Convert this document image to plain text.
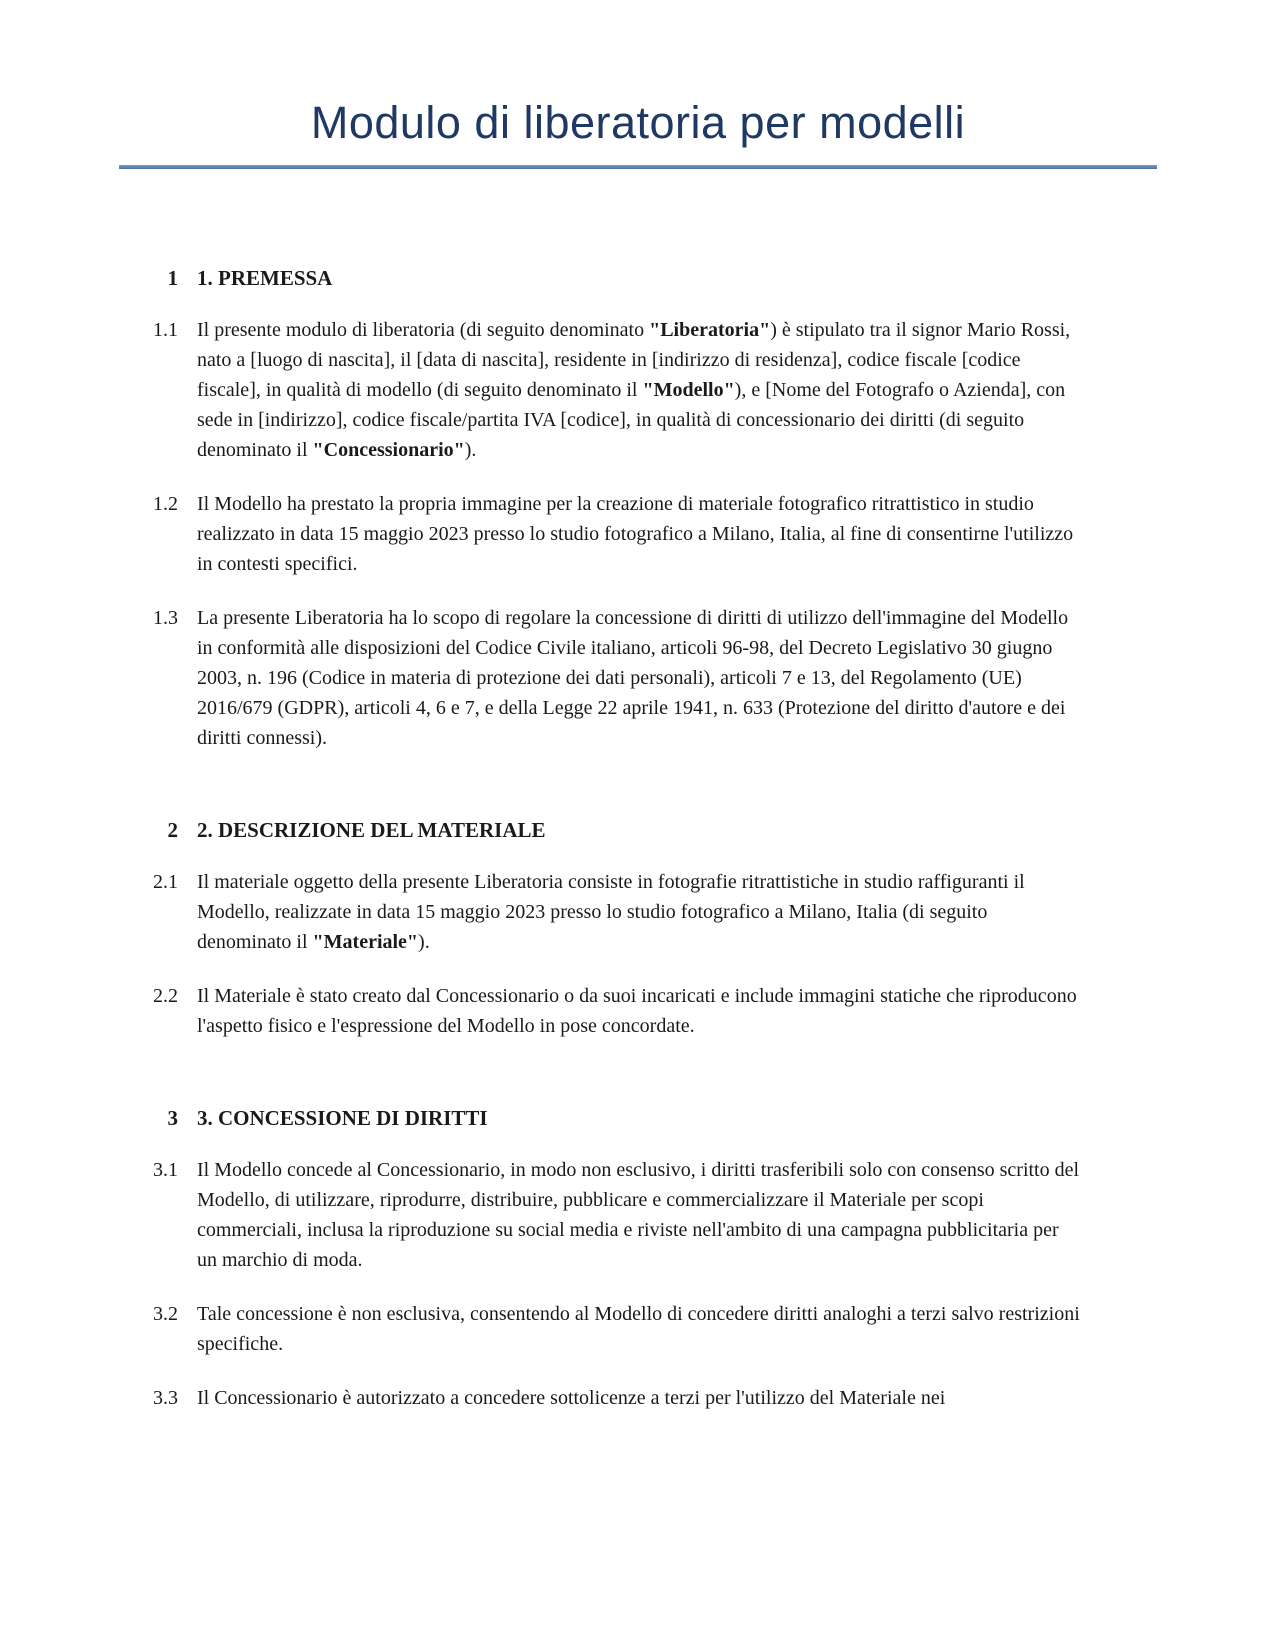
Modulo di liberatoria per modelli
1 1. PREMESSA
1.1 Il presente modulo di liberatoria (di seguito denominato "Liberatoria") è stipulato tra il signor Mario Rossi, nato a [luogo di nascita], il [data di nascita], residente in [indirizzo di residenza], codice fiscale [codice fiscale], in qualità di modello (di seguito denominato il "Modello"), e [Nome del Fotografo o Azienda], con sede in [indirizzo], codice fiscale/partita IVA [codice], in qualità di concessionario dei diritti (di seguito denominato il "Concessionario").
1.2 Il Modello ha prestato la propria immagine per la creazione di materiale fotografico ritrattistico in studio realizzato in data 15 maggio 2023 presso lo studio fotografico a Milano, Italia, al fine di consentirne l'utilizzo in contesti specifici.
1.3 La presente Liberatoria ha lo scopo di regolare la concessione di diritti di utilizzo dell'immagine del Modello in conformità alle disposizioni del Codice Civile italiano, articoli 96-98, del Decreto Legislativo 30 giugno 2003, n. 196 (Codice in materia di protezione dei dati personali), articoli 7 e 13, del Regolamento (UE) 2016/679 (GDPR), articoli 4, 6 e 7, e della Legge 22 aprile 1941, n. 633 (Protezione del diritto d'autore e dei diritti connessi).
2 2. DESCRIZIONE DEL MATERIALE
2.1 Il materiale oggetto della presente Liberatoria consiste in fotografie ritrattistiche in studio raffiguranti il Modello, realizzate in data 15 maggio 2023 presso lo studio fotografico a Milano, Italia (di seguito denominato il "Materiale").
2.2 Il Materiale è stato creato dal Concessionario o da suoi incaricati e include immagini statiche che riproducono l'aspetto fisico e l'espressione del Modello in pose concordate.
3 3. CONCESSIONE DI DIRITTI
3.1 Il Modello concede al Concessionario, in modo non esclusivo, i diritti trasferibili solo con consenso scritto del Modello, di utilizzare, riprodurre, distribuire, pubblicare e commercializzare il Materiale per scopi commerciali, inclusa la riproduzione su social media e riviste nell'ambito di una campagna pubblicitaria per un marchio di moda.
3.2 Tale concessione è non esclusiva, consentendo al Modello di concedere diritti analoghi a terzi salvo restrizioni specifiche.
3.3 Il Concessionario è autorizzato a concedere sottolicenze a terzi per l'utilizzo del Materiale nei
